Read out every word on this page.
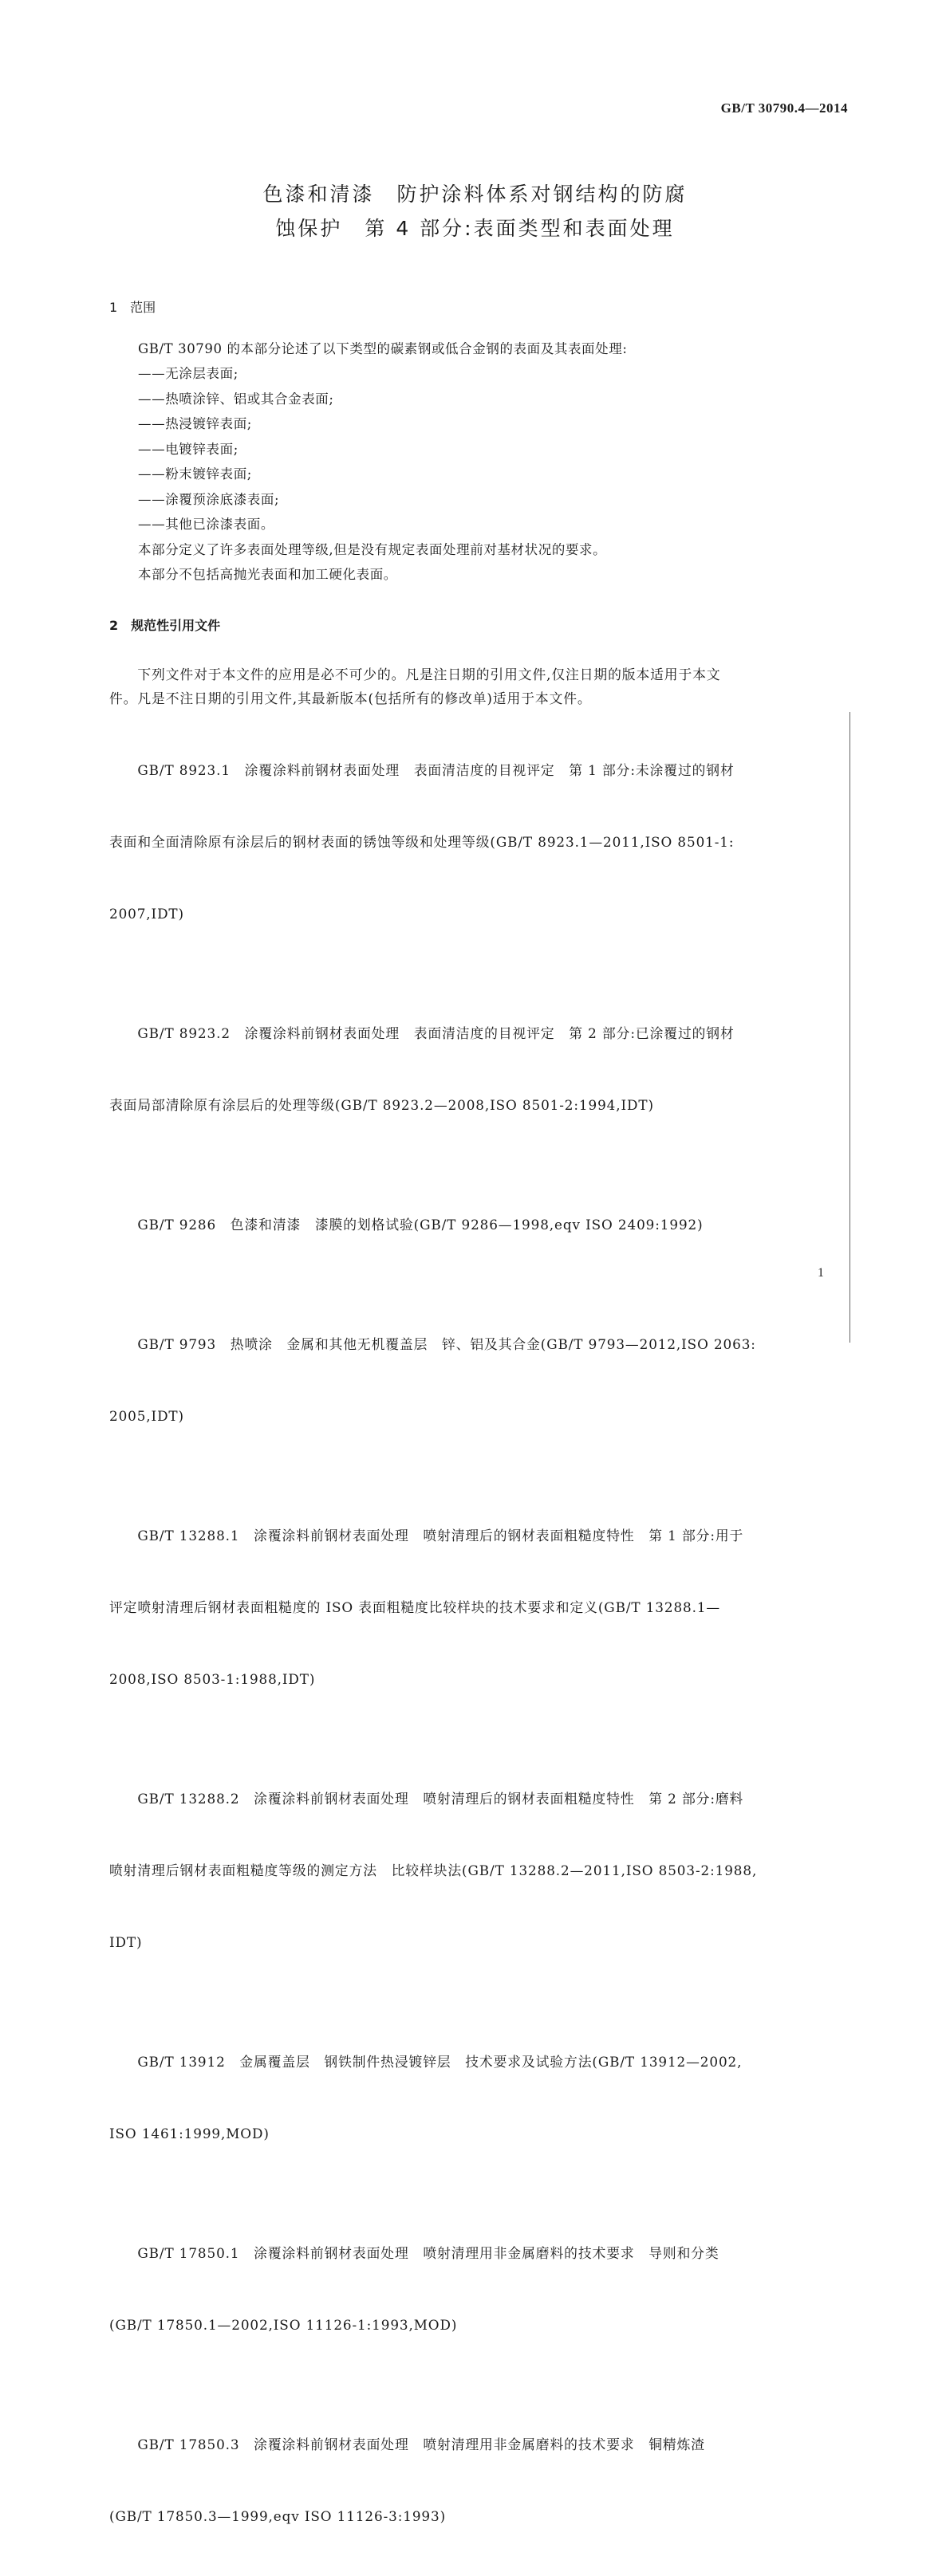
GB/T 30790.4—2014
色漆和清漆　防护涂料体系对钢结构的防腐
蚀保护　第 4 部分:表面类型和表面处理
1　范围
GB/T 30790 的本部分论述了以下类型的碳素钢或低合金钢的表面及其表面处理:
——无涂层表面;
——热喷涂锌、铝或其合金表面;
——热浸镀锌表面;
——电镀锌表面;
——粉末镀锌表面;
——涂覆预涂底漆表面;
——其他已涂漆表面。
本部分定义了许多表面处理等级,但是没有规定表面处理前对基材状况的要求。
本部分不包括高抛光表面和加工硬化表面。
2　规范性引用文件
　　下列文件对于本文件的应用是必不可少的。凡是注日期的引用文件,仅注日期的版本适用于本文
件。凡是不注日期的引用文件,其最新版本(包括所有的修改单)适用于本文件。

　　GB/T 8923.1　涂覆涂料前钢材表面处理　表面清洁度的目视评定　第 1 部分:未涂覆过的钢材

表面和全面清除原有涂层后的钢材表面的锈蚀等级和处理等级(GB/T 8923.1—2011,ISO 8501-1:

2007,IDT)

　　GB/T 8923.2　涂覆涂料前钢材表面处理　表面清洁度的目视评定　第 2 部分:已涂覆过的钢材

表面局部清除原有涂层后的处理等级(GB/T 8923.2—2008,ISO 8501-2:1994,IDT)

　　GB/T 9286　色漆和清漆　漆膜的划格试验(GB/T 9286—1998,eqv ISO 2409:1992)

　　GB/T 9793　热喷涂　金属和其他无机覆盖层　锌、铝及其合金(GB/T 9793—2012,ISO 2063:

2005,IDT)

　　GB/T 13288.1　涂覆涂料前钢材表面处理　喷射清理后的钢材表面粗糙度特性　第 1 部分:用于

评定喷射清理后钢材表面粗糙度的 ISO 表面粗糙度比较样块的技术要求和定义(GB/T 13288.1—

2008,ISO 8503-1:1988,IDT)

　　GB/T 13288.2　涂覆涂料前钢材表面处理　喷射清理后的钢材表面粗糙度特性　第 2 部分:磨料

喷射清理后钢材表面粗糙度等级的测定方法　比较样块法(GB/T 13288.2—2011,ISO 8503-2:1988,

IDT)

　　GB/T 13912　金属覆盖层　钢铁制件热浸镀锌层　技术要求及试验方法(GB/T 13912—2002,

ISO 1461:1999,MOD)

　　GB/T 17850.1　涂覆涂料前钢材表面处理　喷射清理用非金属磨料的技术要求　导则和分类

(GB/T 17850.1—2002,ISO 11126-1:1993,MOD)

　　GB/T 17850.3　涂覆涂料前钢材表面处理　喷射清理用非金属磨料的技术要求　铜精炼渣

(GB/T 17850.3—1999,eqv ISO 11126-3:1993)

1
